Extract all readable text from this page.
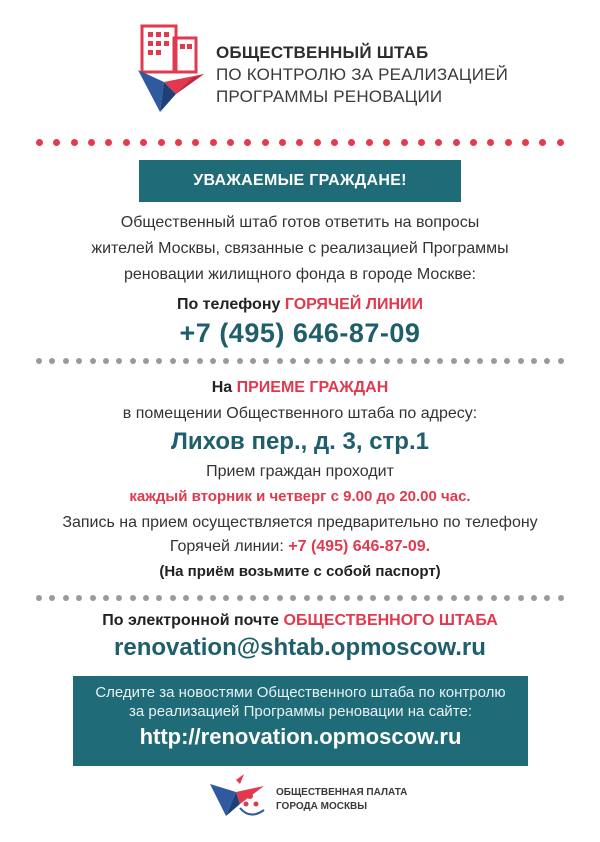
ОБЩЕСТВЕННЫЙ ШТАБ
ПО КОНТРОЛЮ ЗА РЕАЛИЗАЦИЕЙ
ПРОГРАММЫ РЕНОВАЦИИ
УВАЖАЕМЫЕ ГРАЖДАНЕ!
Общественный штаб готов ответить на вопросы
жителей Москвы, связанные с реализацией Программы
реновации жилищного фонда в городе Москве:
По телефону ГОРЯЧЕЙ ЛИНИИ
+7 (495) 646-87-09
На ПРИЕМЕ ГРАЖДАН
в помещении Общественного штаба по адресу:
Лихов пер., д. 3, стр.1
Прием граждан проходит
каждый вторник и четверг с 9.00 до 20.00 час.
Запись на прием осуществляется предварительно по телефону
Горячей линии: +7 (495) 646-87-09.
(На приём возьмите с собой паспорт)
По электронной почте ОБЩЕСТВЕННОГО ШТАБА
renovation@shtab.opmoscow.ru
Следите за новостями Общественного штаба по контролю
за реализацией Программы реновации на сайте:
http://renovation.opmoscow.ru
ОБЩЕСТВЕННАЯ ПАЛАТА
ГОРОДА МОСКВЫ
